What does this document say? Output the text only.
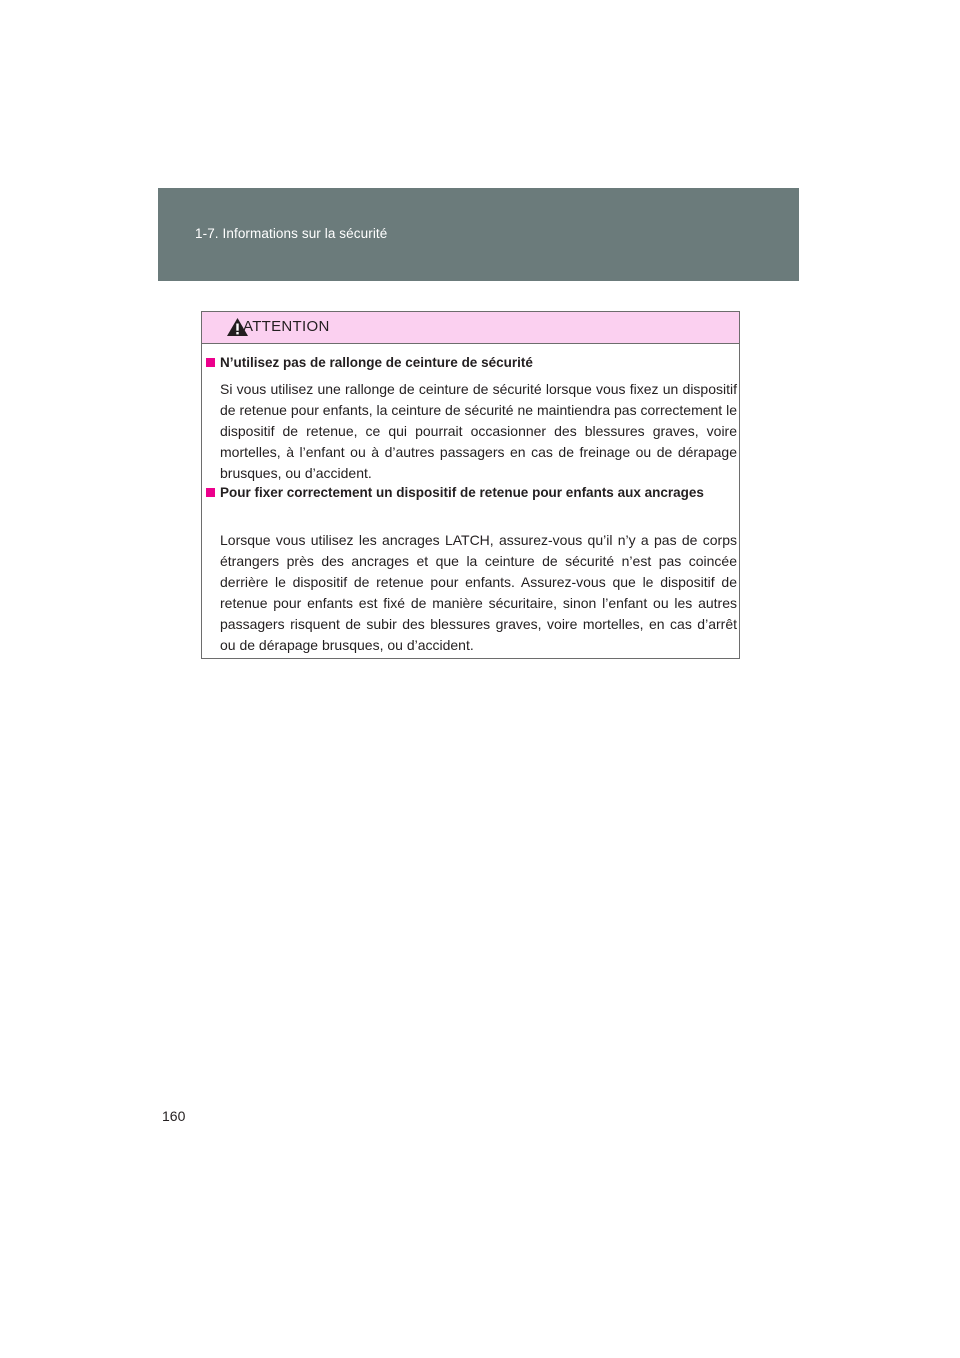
1-7. Informations sur la sécurité
ATTENTION
N’utilisez pas de rallonge de ceinture de sécurité
Si vous utilisez une rallonge de ceinture de sécurité lorsque vous fixez un dispositif de retenue pour enfants, la ceinture de sécurité ne maintiendra pas correctement le dispositif de retenue, ce qui pourrait occasionner des blessures graves, voire mortelles, à l’enfant ou à d’autres passagers en cas de freinage ou de dérapage brusques, ou d’accident.
Pour fixer correctement un dispositif de retenue pour enfants aux ancrages
Lorsque vous utilisez les ancrages LATCH, assurez-vous qu’il n’y a pas de corps étrangers près des ancrages et que la ceinture de sécurité n’est pas coincée derrière le dispositif de retenue pour enfants. Assurez-vous que le dispositif de retenue pour enfants est fixé de manière sécuritaire, sinon l’enfant ou les autres passagers risquent de subir des blessures graves, voire mortelles, en cas d’arrêt ou de dérapage brusques, ou d’accident.
160
